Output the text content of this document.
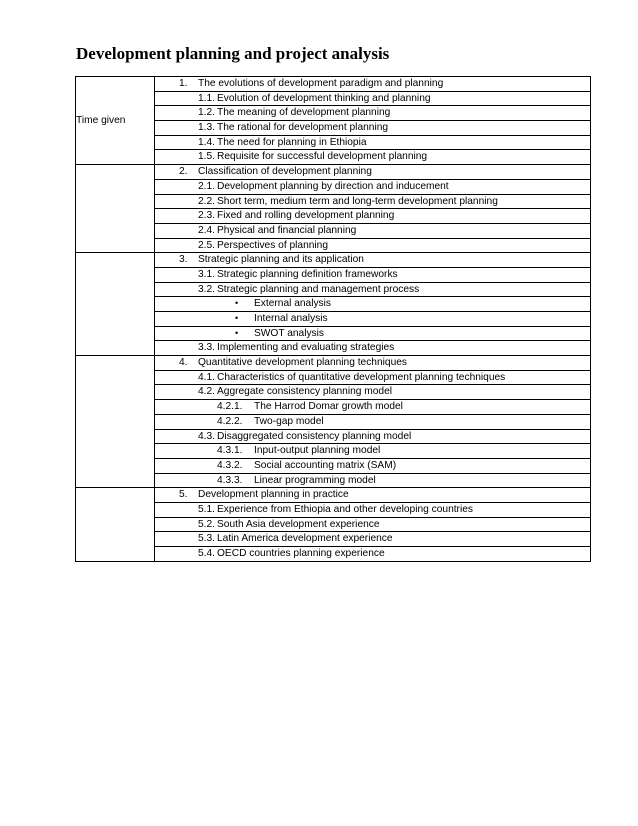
Development planning and project analysis
Time given	1. The evolutions of development paradigm and planning

	1.1. Evolution of development thinking and planning

	1.2. The meaning of development planning

	1.3. The rational for development planning

	1.4. The need for planning in Ethiopia

	1.5. Requisite for successful development planning

	2. Classification of development planning

	2.1. Development planning by direction and inducement

	2.2. Short term, medium term and long-term development planning

	2.3. Fixed and rolling development planning

	2.4. Physical and financial planning

	2.5. Perspectives of planning

	3. Strategic planning and its application

	3.1. Strategic planning definition frameworks

	3.2. Strategic planning and management process

	• External analysis

	• Internal analysis

	• SWOT analysis

	3.3. Implementing and evaluating strategies

	4. Quantitative development planning techniques

	4.1. Characteristics of quantitative development planning techniques

	4.2. Aggregate consistency planning model

	4.2.1. The Harrod Domar growth model

	4.2.2. Two-gap model

	4.3. Disaggregated consistency planning model

	4.3.1. Input-output planning model

	4.3.2. Social accounting matrix (SAM)

	4.3.3. Linear programming model

	5. Development planning in practice

	5.1. Experience from Ethiopia and other developing countries

	5.2. South Asia development experience

	5.3. Latin America development experience

	5.4. OECD countries planning experience
